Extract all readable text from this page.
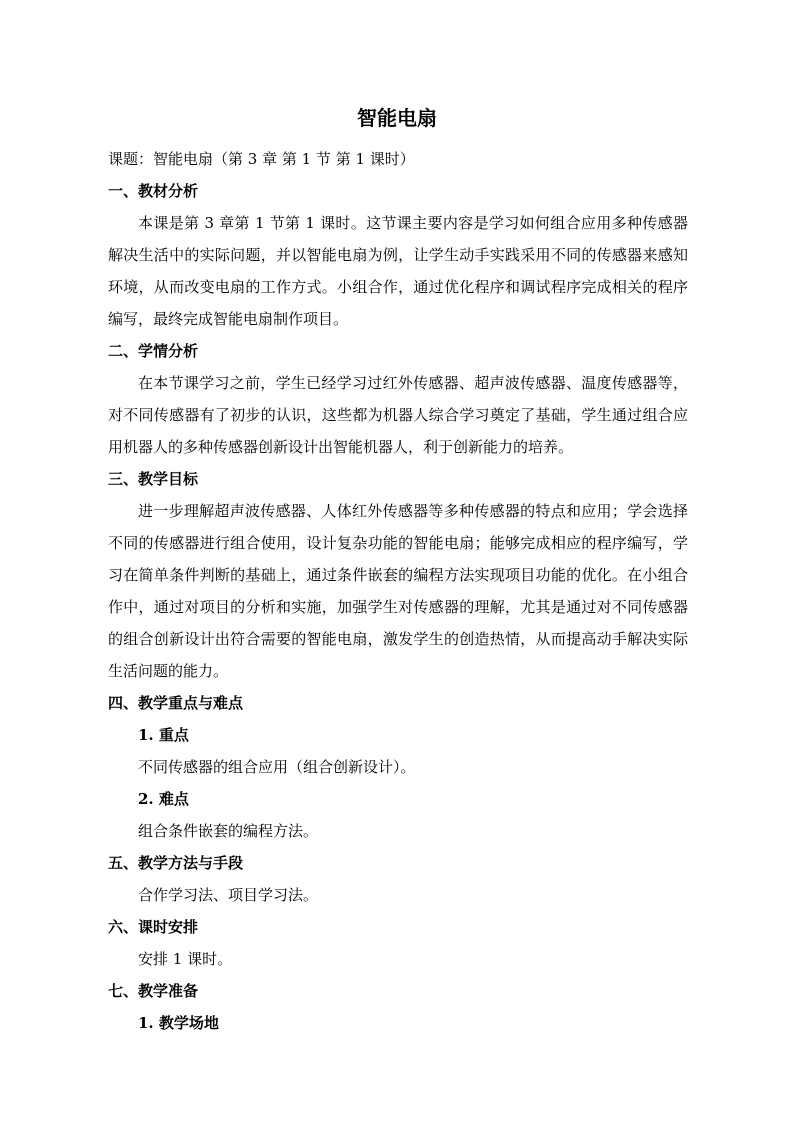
智能电扇

课题：智能电扇（第 3 章 第 1 节 第 1 课时）

一、教材分析

本课是第 3 章第 1 节第 1 课时。这节课主要内容是学习如何组合应用多种传感器解决生活中的实际问题，并以智能电扇为例，让学生动手实践采用不同的传感器来感知环境，从而改变电扇的工作方式。小组合作，通过优化程序和调试程序完成相关的程序编写，最终完成智能电扇制作项目。

二、学情分析

在本节课学习之前，学生已经学习过红外传感器、超声波传感器、温度传感器等，对不同传感器有了初步的认识，这些都为机器人综合学习奠定了基础，学生通过组合应用机器人的多种传感器创新设计出智能机器人，利于创新能力的培养。

三、教学目标

进一步理解超声波传感器、人体红外传感器等多种传感器的特点和应用；学会选择不同的传感器进行组合使用，设计复杂功能的智能电扇；能够完成相应的程序编写，学习在简单条件判断的基础上，通过条件嵌套的编程方法实现项目功能的优化。在小组合作中，通过对项目的分析和实施，加强学生对传感器的理解，尤其是通过对不同传感器的组合创新设计出符合需要的智能电扇，激发学生的创造热情，从而提高动手解决实际生活问题的能力。

四、教学重点与难点

1. 重点

不同传感器的组合应用（组合创新设计）。

2. 难点

组合条件嵌套的编程方法。

五、教学方法与手段

合作学习法、项目学习法。

六、课时安排

安排 1 课时。

七、教学准备

1. 教学场地
